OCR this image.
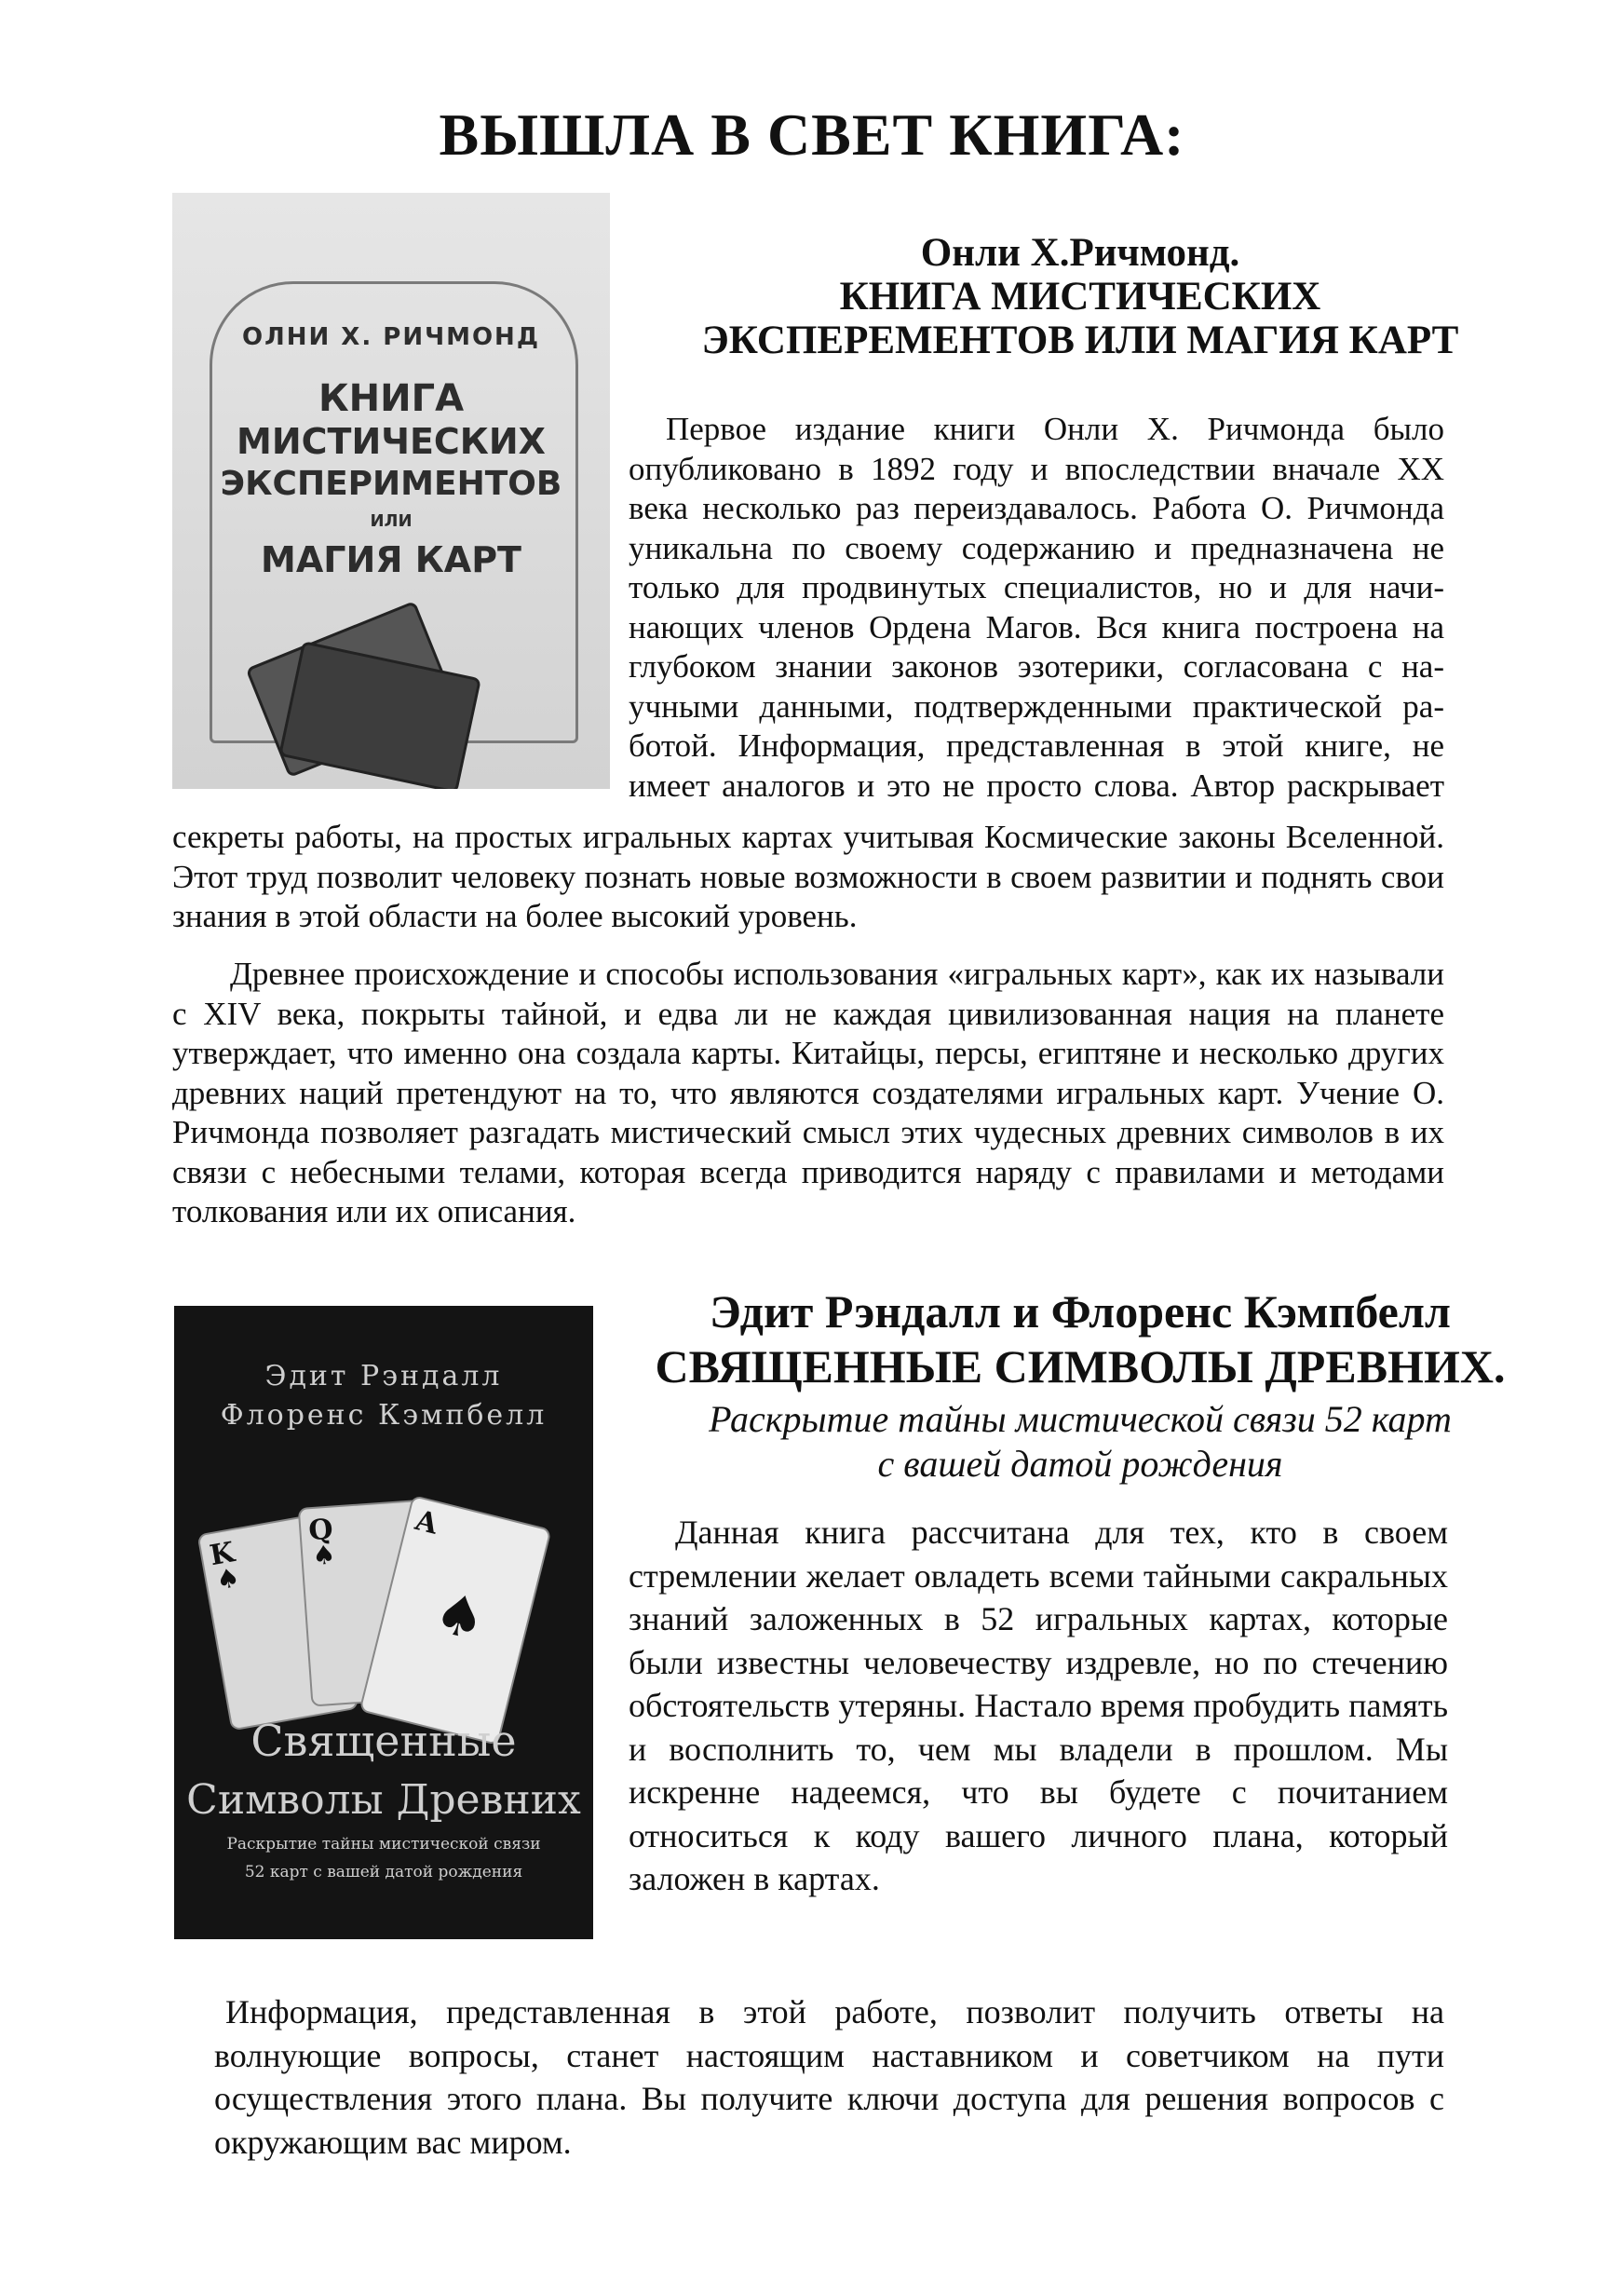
ВЫШЛА В СВЕТ КНИГА:
ОЛНИ Х. РИЧМОНД
КНИГА
МИСТИЧЕСКИХ
ЭКСПЕРИМЕНТОВ
ИЛИ
МАГИЯ КАРТ
Онли Х.Ричмонд.
КНИГА МИСТИЧЕСКИХ
ЭКСПЕРЕМЕНТОВ ИЛИ МАГИЯ КАРТ
Первое издание книги Онли Х. Ричмонда было
опубликовано в 1892 году и впоследствии вначале XX
века несколько раз переиздавалось. Работа О. Ричмонда
уникальна по своему содержанию и предназначена не
только для продвинутых специалистов, но и для начи-
нающих членов Ордена Магов. Вся книга построена на
глубоком знании законов эзотерики, согласована с на-
учными данными, подтвержденными практической ра-
ботой. Информация, представленная в этой книге, не
имеет аналогов и это не просто слова. Автор раскрывает

секреты работы, на простых игральных картах учитывая Космические законы Вселенной. Этот труд позволит человеку познать новые возможности в своем развитии и поднять свои знания в этой области на более высокий уровень.

Древнее происхождение и способы использования «игральных карт», как их называли с XIV века, покрыты тайной, и едва ли не каждая цивилизованная нация на планете утверждает, что именно она создала карты. Китайцы, персы, египтяне и несколько других древних наций претендуют на то, что являются создателями игральных карт. Учение О. Ричмонда позволяет разгадать мистический смысл этих чудесных древних символов в их связи с небесными телами, которая всегда приводится наряду с правилами и методами толкования или их описания.

Эдит Рэндалл
Флоренс Кэмпбелл
K
♠
Q
♠
A
♠
Священные
Символы Древних
Раскрытие тайны мистической связи
52 карт с вашей датой рождения
Эдит Рэндалл и Флоренс Кэмпбелл
СВЯЩЕННЫЕ СИМВОЛЫ ДРЕВНИХ.
Раскрытие тайны мистической связи 52 карт
с вашей датой рождения

Данная книга рассчитана для тех, кто в своем стремлении желает овладеть всеми тайными сакральных знаний заложенных в 52 игральных картах, которые были известны человечеству издревле, но по стечению обстоятельств утеряны. Настало время пробудить память и восполнить то, чем мы владели в прошлом. Мы искренне надеемся, что вы будете с почитанием относиться к коду вашего личного плана, который заложен в картах.

Информация, представленная в этой работе, позволит получить ответы на волнующие вопросы, станет настоящим наставником и советчиком на пути осуществления этого плана. Вы получите ключи доступа для решения вопросов с окружающим вас миром.
